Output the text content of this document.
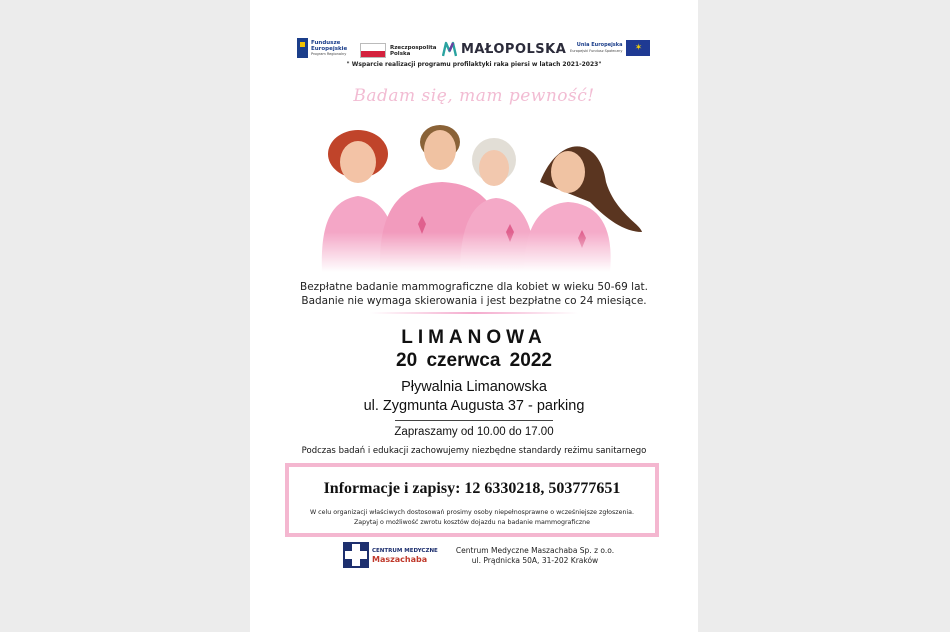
Fundusze Europejskie
Program Regionalny
Rzeczpospolita Polska	MAŁOPOLSKA	Unia Europejska
Europejski Fundusz Społeczny	✶
" Wsparcie realizacji programu profilaktyki raka piersi w latach 2021-2023"
Badam się, mam pewność!
Bezpłatne badanie mammograficzne dla kobiet w wieku 50-69 lat.
Badanie nie wymaga skierowania i jest bezpłatne co 24 miesiące.
LIMANOWA
20 czerwca 2022
Pływalnia Limanowska
ul. Zygmunta Augusta 37 - parking
Zapraszamy od 10.00 do 17.00
Podczas badań i edukacji zachowujemy niezbędne standardy reżimu sanitarnego
Informacje i zapisy: 12 6330218, 503777651
W celu organizacji właściwych dostosowań prosimy osoby niepełnosprawne o wcześniejsze zgłoszenia.
Zapytaj o możliwość zwrotu kosztów dojazdu na badanie mammograficzne
CENTRUM MEDYCZNE
Maszachaba
Centrum Medyczne Maszachaba Sp. z o.o.
ul. Prądnicka 50A, 31-202 Kraków
